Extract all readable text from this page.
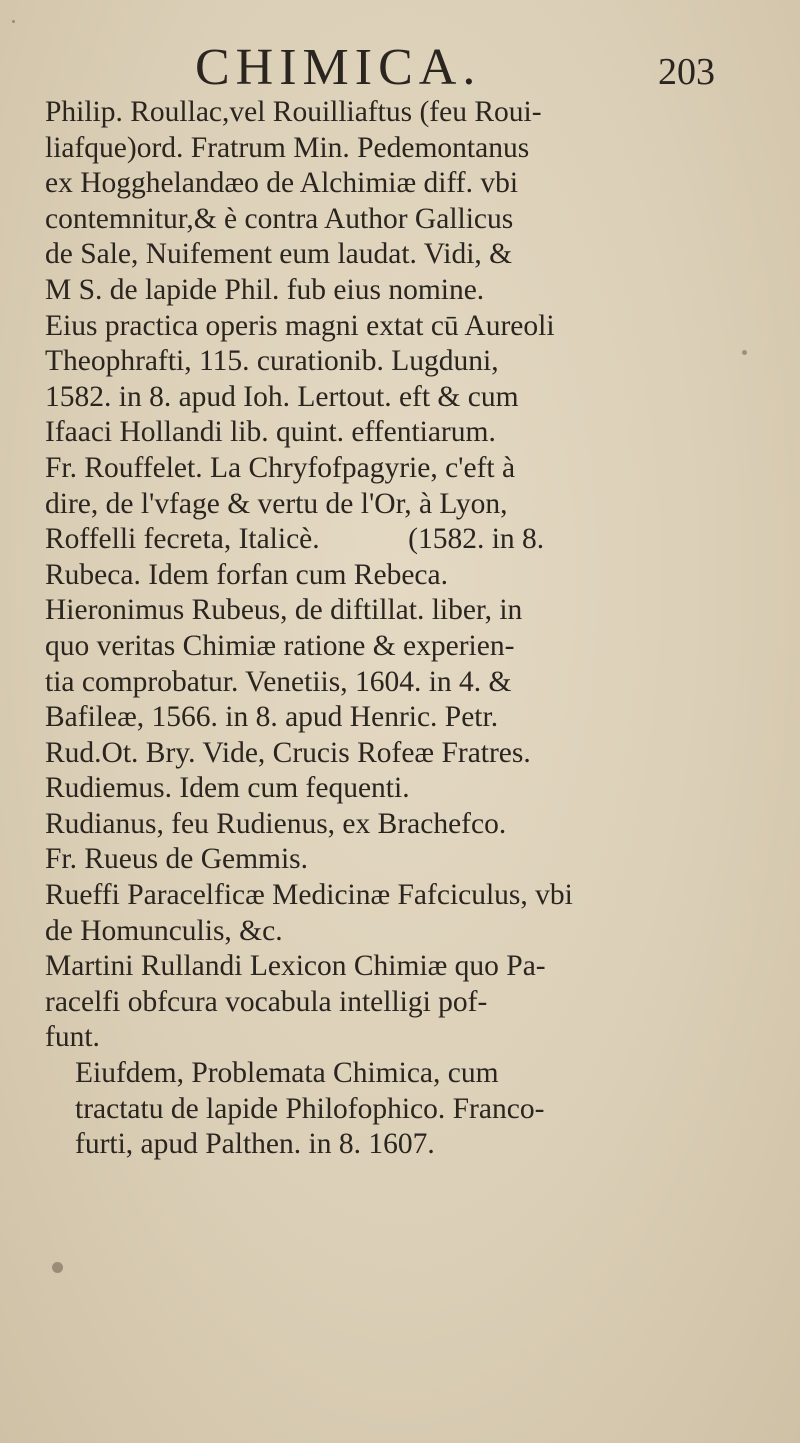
CHIMICA.	203

Philip. Roullac,vel Rouilliaftus (feu Roui-
liafque)ord. Fratrum Min. Pedemontanus
ex Hogghelandæo de Alchimiæ diff. vbi
contemnitur,& è contra Author Gallicus
de Sale, Nuifement eum laudat. Vidi, &
M S. de lapide Phil. fub eius nomine.

Eius practica operis magni extat cū Aureoli
Theophrafti, 115. curationib. Lugduni,
1582. in 8. apud Ioh. Lertout. eft & cum
Ifaaci Hollandi lib. quint. effentiarum.

Fr. Rouffelet. La Chryfofpagyrie, c'eft à
dire, de l'vfage & vertu de l'Or, à Lyon,

Roffelli fecreta, Italicè.            (1582. in 8.

Rubeca. Idem forfan cum Rebeca.

Hieronimus Rubeus, de diftillat. liber, in
quo veritas Chimiæ ratione & experien-
tia comprobatur. Venetiis, 1604. in 4. &
Bafileæ, 1566. in 8. apud Henric. Petr.

Rud.Ot. Bry. Vide, Crucis Rofeæ Fratres.

Rudiemus. Idem cum fequenti.

Rudianus, feu Rudienus, ex Brachefco.

Fr. Rueus de Gemmis.

Rueffi Paracelficæ Medicinæ Fafciculus, vbi
de Homunculis, &c.

Martini Rullandi Lexicon Chimiæ quo Pa-
racelfi obfcura vocabula intelligi pof-
funt.

Eiufdem, Problemata Chimica, cum
tractatu de lapide Philofophico. Franco-
furti, apud Palthen. in 8. 1607.
